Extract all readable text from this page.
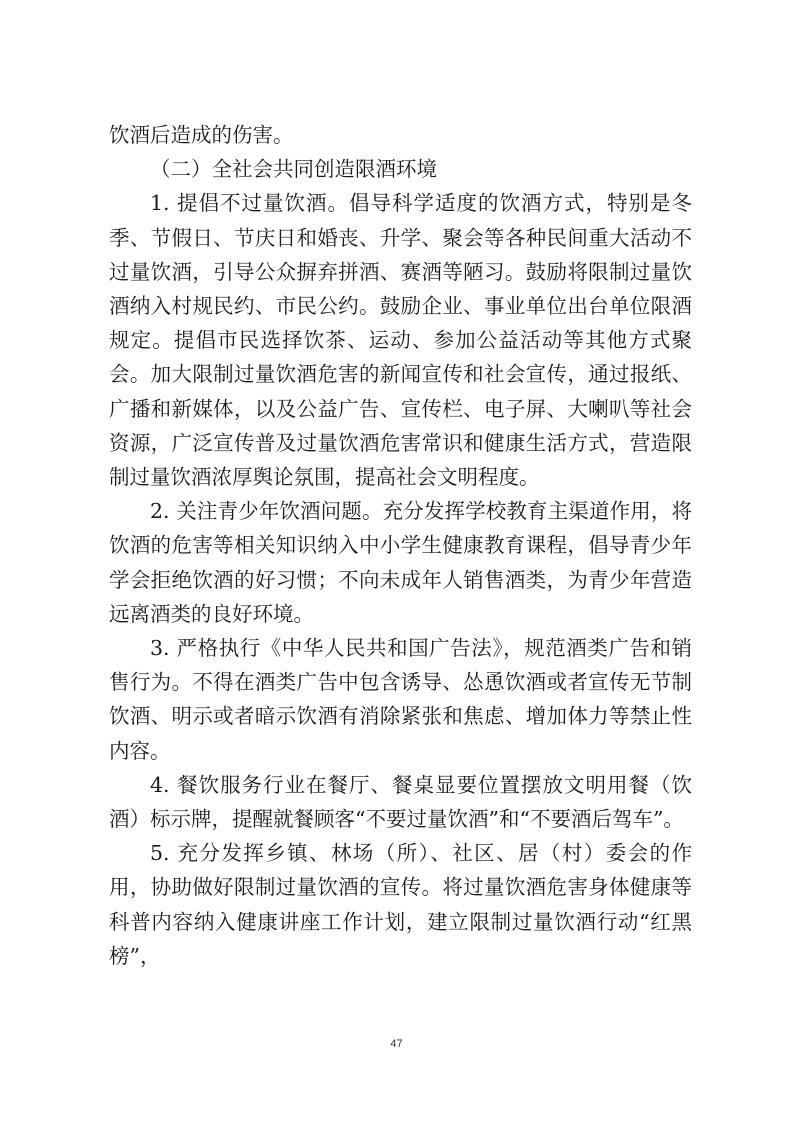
饮酒后造成的伤害。

（二）全社会共同创造限酒环境

1. 提倡不过量饮酒。倡导科学适度的饮酒方式，特别是冬季、节假日、节庆日和婚丧、升学、聚会等各种民间重大活动不过量饮酒，引导公众摒弃拼酒、赛酒等陋习。鼓励将限制过量饮酒纳入村规民约、市民公约。鼓励企业、事业单位出台单位限酒规定。提倡市民选择饮茶、运动、参加公益活动等其他方式聚会。加大限制过量饮酒危害的新闻宣传和社会宣传，通过报纸、广播和新媒体，以及公益广告、宣传栏、电子屏、大喇叭等社会资源，广泛宣传普及过量饮酒危害常识和健康生活方式，营造限制过量饮酒浓厚舆论氛围，提高社会文明程度。

2. 关注青少年饮酒问题。充分发挥学校教育主渠道作用，将饮酒的危害等相关知识纳入中小学生健康教育课程，倡导青少年学会拒绝饮酒的好习惯；不向未成年人销售酒类，为青少年营造远离酒类的良好环境。

3. 严格执行《中华人民共和国广告法》，规范酒类广告和销售行为。不得在酒类广告中包含诱导、怂恿饮酒或者宣传无节制饮酒、明示或者暗示饮酒有消除紧张和焦虑、增加体力等禁止性内容。

4. 餐饮服务行业在餐厅、餐桌显要位置摆放文明用餐（饮酒）标示牌，提醒就餐顾客“不要过量饮酒”和“不要酒后驾车”。

5. 充分发挥乡镇、林场（所）、社区、居（村）委会的作用，协助做好限制过量饮酒的宣传。将过量饮酒危害身体健康等科普内容纳入健康讲座工作计划，建立限制过量饮酒行动“红黑榜”，

47
